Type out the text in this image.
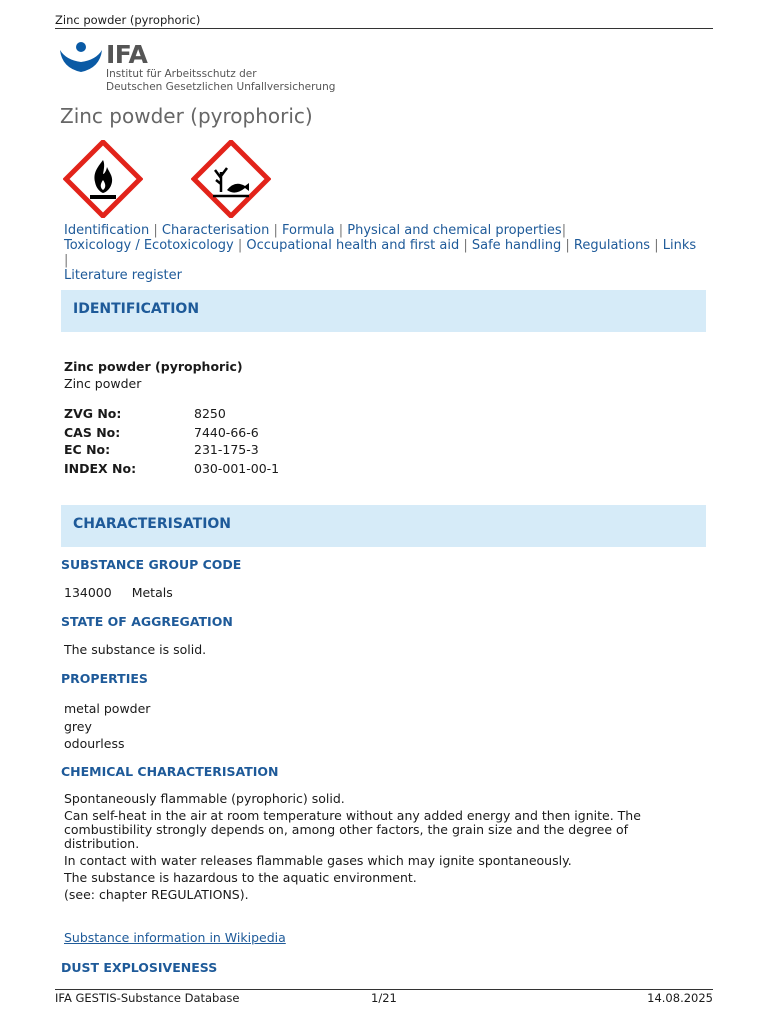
Zinc powder (pyrophoric)
IFA
Institut für Arbeitsschutz der
Deutschen Gesetzlichen Unfallversicherung
Zinc powder (pyrophoric)
Identification | Characterisation | Formula | Physical and chemical properties|
Toxicology / Ecotoxicology | Occupational health and first aid | Safe handling | Regulations | Links |
Literature register
IDENTIFICATION
Zinc powder (pyrophoric)
Zinc powder
ZVG No:	8250
CAS No:	7440-66-6
EC No:	231-175-3
INDEX No:	030-001-00-1
CHARACTERISATION
SUBSTANCE GROUP CODE
134000 Metals
STATE OF AGGREGATION
The substance is solid.
PROPERTIES
metal powder
grey
odourless
CHEMICAL CHARACTERISATION
Spontaneously flammable (pyrophoric) solid.
Can self-heat in the air at room temperature without any added energy and then ignite. The combustibility strongly depends on, among other factors, the grain size and the degree of distribution.
In contact with water releases flammable gases which may ignite spontaneously.
The substance is hazardous to the aquatic environment.
(see: chapter REGULATIONS).
Substance information in Wikipedia
DUST EXPLOSIVENESS
IFA GESTIS-Substance Database	1/21	14.08.2025
